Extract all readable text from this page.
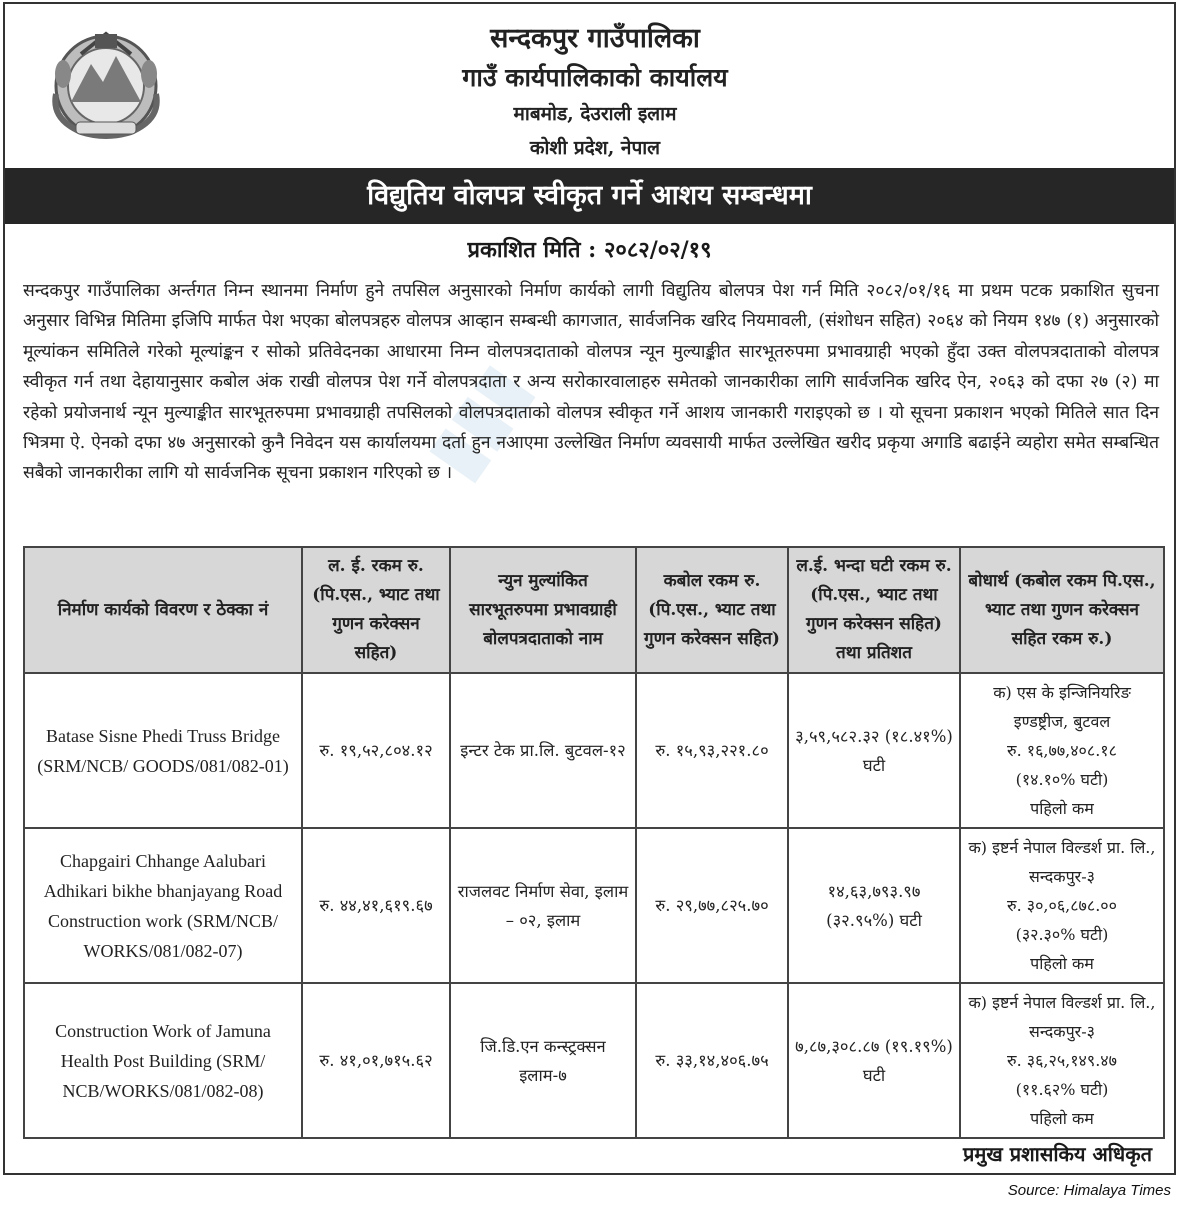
▮▮▮
सन्दकपुर गाउँपालिका
गाउँ कार्यपालिकाको कार्यालय
माबमोड, देउराली इलाम
कोशी प्रदेश, नेपाल
विद्युतिय वोलपत्र स्वीकृत गर्ने आशय सम्बन्धमा
प्रकाशित मिति : २०८२/०२/१९
सन्दकपुर गाउँपालिका अर्न्तगत निम्न स्थानमा निर्माण हुने तपसिल अनुसारको निर्माण कार्यको लागी विद्युतिय बोलपत्र पेश गर्न मिति २०८२/०१/१६ मा प्रथम पटक प्रकाशित सुचना अनुसार विभिन्न मितिमा इजिपि मार्फत पेश भएका बोलपत्रहरु वोलपत्र आव्हान सम्बन्धी कागजात, सार्वजनिक खरिद नियमावली, (संशोधन सहित) २०६४ को नियम १४७ (१) अनुसारको मूल्यांकन समितिले गरेको मूल्यांङ्कन र सोको प्रतिवेदनका आधारमा निम्न वोलपत्रदाताको वोलपत्र न्यून मुल्याङ्कीत सारभूतरुपमा प्रभावग्राही भएको हुँदा उक्त वोलपत्रदाताको वोलपत्र स्वीकृत गर्न तथा देहायानुसार कबोल अंक राखी वोलपत्र पेश गर्ने वोलपत्रदाता र अन्य सरोकारवालाहरु समेतको जानकारीका लागि सार्वजनिक खरिद ऐन, २०६३ को दफा २७ (२) मा रहेको प्रयोजनार्थ न्यून मुल्याङ्कीत सारभूतरुपमा प्रभावग्राही तपसिलको वोलपत्रदाताको वोलपत्र स्वीकृत गर्ने आशय जानकारी गराइएको छ । यो सूचना प्रकाशन भएको मितिले सात दिन भित्रमा ऐ. ऐनको दफा ४७ अनुसारको कुनै निवेदन यस कार्यालयमा दर्ता हुन नआएमा उल्लेखित निर्माण व्यवसायी मार्फत उल्लेखित खरीद प्रकृया अगाडि बढाईने व्यहोरा समेत सम्बन्धित सबैको जानकारीका लागि यो सार्वजनिक सूचना प्रकाशन गरिएको छ ।
निर्माण कार्यको विवरण र ठेक्का नं	ल. ई. रकम रु. (पि.एस., भ्याट तथा गुणन करेक्सन सहित)	न्युन मुल्यांकित सारभूतरुपमा प्रभावग्राही बोलपत्रदाताको नाम	कबोल रकम रु. (पि.एस., भ्याट तथा गुणन करेक्सन सहित)	ल.ई. भन्दा घटी रकम रु. (पि.एस., भ्याट तथा गुणन करेक्सन सहित) तथा प्रतिशत	बोधार्थ (कबोल रकम पि.एस., भ्याट तथा गुणन करेक्सन सहित रकम रु.)
Batase Sisne Phedi Truss Bridge (SRM/NCB/ GOODS/081/082-01)	रु. १९,५२,८०४.१२	इन्टर टेक प्रा.लि. बुटवल-१२	रु. १५,९३,२२१.८०	३,५९,५८२.३२ (१८.४१%) घटी	क) एस के इन्जिनियरिङ इण्डष्ट्रीज, बुटवल
रु. १६,७७,४०८.१८
(१४.१०% घटी)
पहिलो कम

Chapgairi Chhange Aalubari Adhikari bikhe bhanjayang Road Construction work (SRM/NCB/ WORKS/081/082-07)	रु. ४४,४१,६१९.६७	राजलवट निर्माण सेवा, इलाम – ०२, इलाम	रु. २९,७७,८२५.७०	१४,६३,७९३.९७ (३२.९५%) घटी	क) इष्टर्न नेपाल विल्डर्श प्रा. लि., सन्दकपुर-३
रु. ३०,०६,८७८.००
(३२.३०% घटी)
पहिलो कम

Construction Work of Jamuna Health Post Building (SRM/ NCB/WORKS/081/082-08)	रु. ४१,०१,७१५.६२	जि.डि.एन कन्स्ट्रक्सन इलाम-७	रु. ३३,१४,४०६.७५	७,८७,३०८.८७ (१९.१९%) घटी	क) इष्टर्न नेपाल विल्डर्श प्रा. लि., सन्दकपुर-३
रु. ३६,२५,१४९.४७
(११.६२% घटी)
पहिलो कम
प्रमुख प्रशासकिय अधिकृत
Source: Himalaya Times
